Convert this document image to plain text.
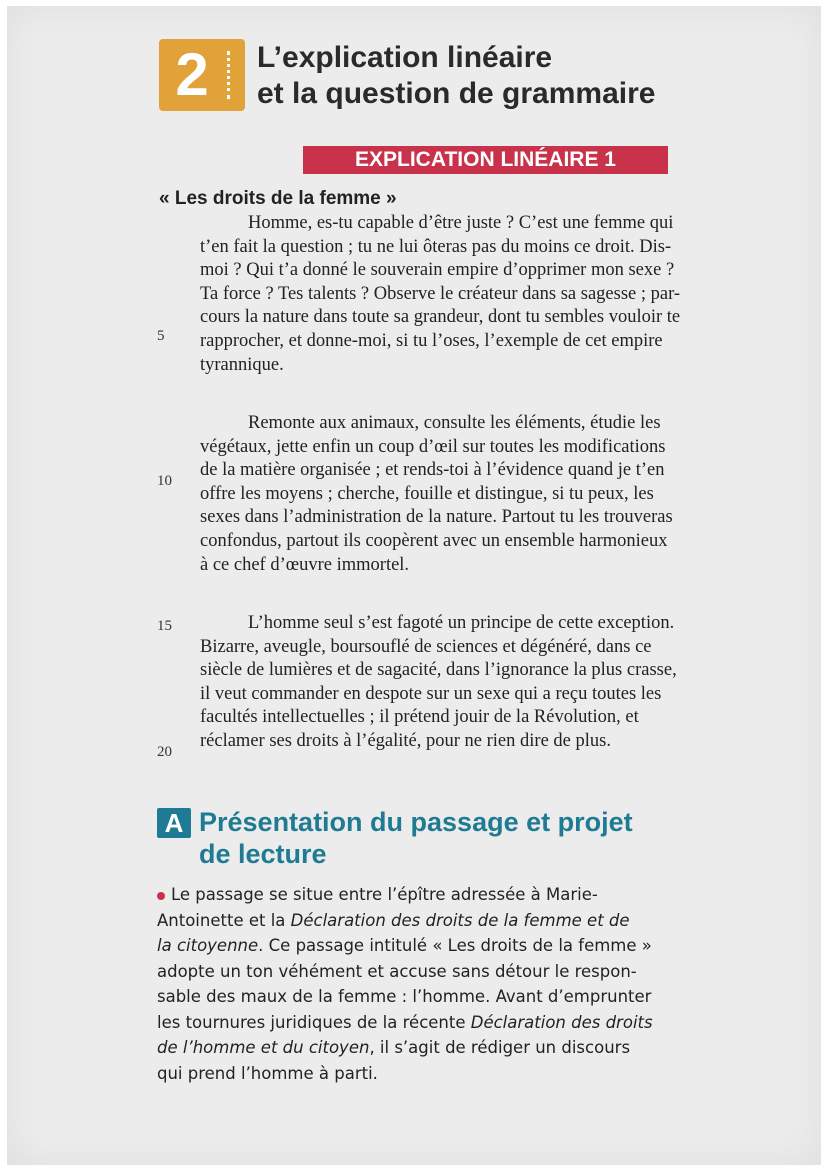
2	L’explication linéaire
et la question de grammaire
EXPLICATION LINÉAIRE 1
« Les droits de la femme »
5
10
15
20
Homme, es-tu capable d’être juste ? C’est une femme qui
t’en fait la question ; tu ne lui ôteras pas du moins ce droit. Dis-
moi ? Qui t’a donné le souverain empire d’opprimer mon sexe ?
Ta force ? Tes talents ? Observe le créateur dans sa sagesse ; par-
cours la nature dans toute sa grandeur, dont tu sembles vouloir te
rapprocher, et donne-moi, si tu l’oses, l’exemple de cet empire
tyrannique.
Remonte aux animaux, consulte les éléments, étudie les
végétaux, jette enfin un coup d’œil sur toutes les modifications
de la matière organisée ; et rends-toi à l’évidence quand je t’en
offre les moyens ; cherche, fouille et distingue, si tu peux, les
sexes dans l’administration de la nature. Partout tu les trouveras
confondus, partout ils coopèrent avec un ensemble harmonieux
à ce chef d’œuvre immortel.
L’homme seul s’est fagoté un principe de cette exception.
Bizarre, aveugle, boursouflé de sciences et dégénéré, dans ce
siècle de lumières et de sagacité, dans l’ignorance la plus crasse,
il veut commander en despote sur un sexe qui a reçu toutes les
facultés intellectuelles ; il prétend jouir de la Révolution, et
réclamer ses droits à l’égalité, pour ne rien dire de plus.
A Présentation du passage et projet
de lecture
Le passage se situe entre l’épître adressée à Marie-
Antoinette et la Déclaration des droits de la femme et de
la citoyenne. Ce passage intitulé « Les droits de la femme »
adopte un ton véhément et accuse sans détour le respon-
sable des maux de la femme : l’homme. Avant d’emprunter
les tournures juridiques de la récente Déclaration des droits
de l’homme et du citoyen, il s’agit de rédiger un discours
qui prend l’homme à parti.
